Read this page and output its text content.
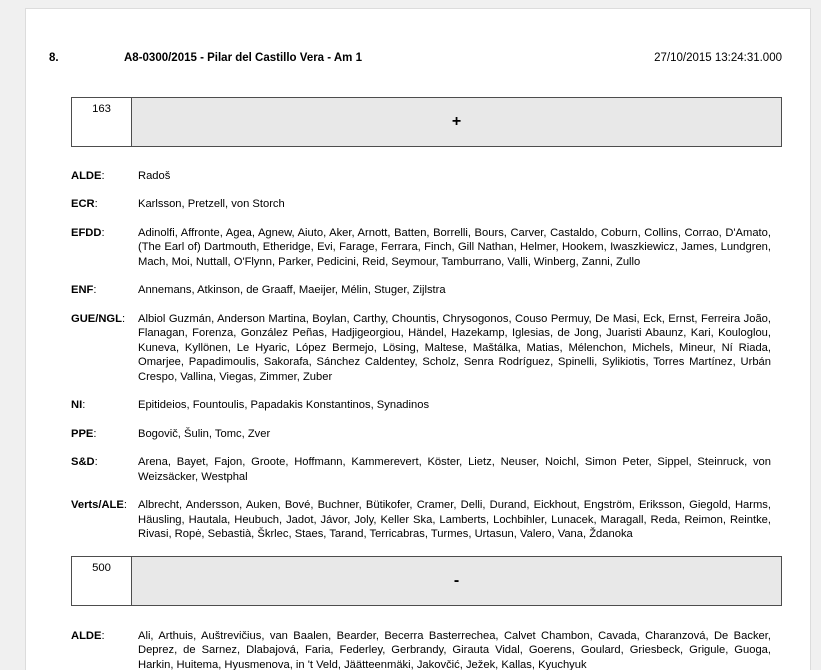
8.	A8-0300/2015 - Pilar del Castillo Vera - Am 1	27/10/2015 13:24:31.000
163
+
ALDE:	Radoš
ECR:	Karlsson, Pretzell, von Storch
EFDD:	Adinolfi, Affronte, Agea, Agnew, Aiuto, Aker, Arnott, Batten, Borrelli, Bours, Carver, Castaldo, Coburn, Collins, Corrao, D'Amato, (The Earl of) Dartmouth, Etheridge, Evi, Farage, Ferrara, Finch, Gill Nathan, Helmer, Hookem, Iwaszkiewicz, James, Lundgren, Mach, Moi, Nuttall, O'Flynn, Parker, Pedicini, Reid, Seymour, Tamburrano, Valli, Winberg, Zanni, Zullo
ENF:	Annemans, Atkinson, de Graaff, Maeijer, Mélin, Stuger, Zijlstra
GUE/NGL:	Albiol Guzmán, Anderson Martina, Boylan, Carthy, Chountis, Chrysogonos, Couso Permuy, De Masi, Eck, Ernst, Ferreira João, Flanagan, Forenza, González Peñas, Hadjigeorgiou, Händel, Hazekamp, Iglesias, de Jong, Juaristi Abaunz, Kari, Kouloglou, Kuneva, Kyllönen, Le Hyaric, López Bermejo, Lösing, Maltese, Maštálka, Matias, Mélenchon, Michels, Mineur, Ní Riada, Omarjee, Papadimoulis, Sakorafa, Sánchez Caldentey, Scholz, Senra Rodríguez, Spinelli, Sylikiotis, Torres Martínez, Urbán Crespo, Vallina, Viegas, Zimmer, Zuber
NI:	Epitideios, Fountoulis, Papadakis Konstantinos, Synadinos
PPE:	Bogovič, Šulin, Tomc, Zver
S&D:	Arena, Bayet, Fajon, Groote, Hoffmann, Kammerevert, Köster, Lietz, Neuser, Noichl, Simon Peter, Sippel, Steinruck, von Weizsäcker, Westphal
Verts/ALE: Albrecht, Andersson, Auken, Bové, Buchner, Bütikofer, Cramer, Delli, Durand, Eickhout, Engström, Eriksson, Giegold, Harms, Häusling, Hautala, Heubuch, Jadot, Jávor, Joly, Keller Ska, Lamberts, Lochbihler, Lunacek, Maragall, Reda, Reimon, Reintke, Rivasi, Ropė, Sebastià, Škrlec, Staes, Tarand, Terricabras, Turmes, Urtasun, Valero, Vana, Ždanoka
500
-
ALDE:	Ali, Arthuis, Auštrevičius, van Baalen, Bearder, Becerra Basterrechea, Calvet Chambon, Cavada, Charanzová, De Backer, Deprez, de Sarnez, Dlabajová, Faria, Federley, Gerbrandy, Girauta Vidal, Goerens, Goulard, Griesbeck, Grigule, Guoga, Harkin, Huitema, Hyusmenova, in 't Veld, Jäätteenmäki, Jakovčić, Ježek, Kallas, Kyuchyuk
